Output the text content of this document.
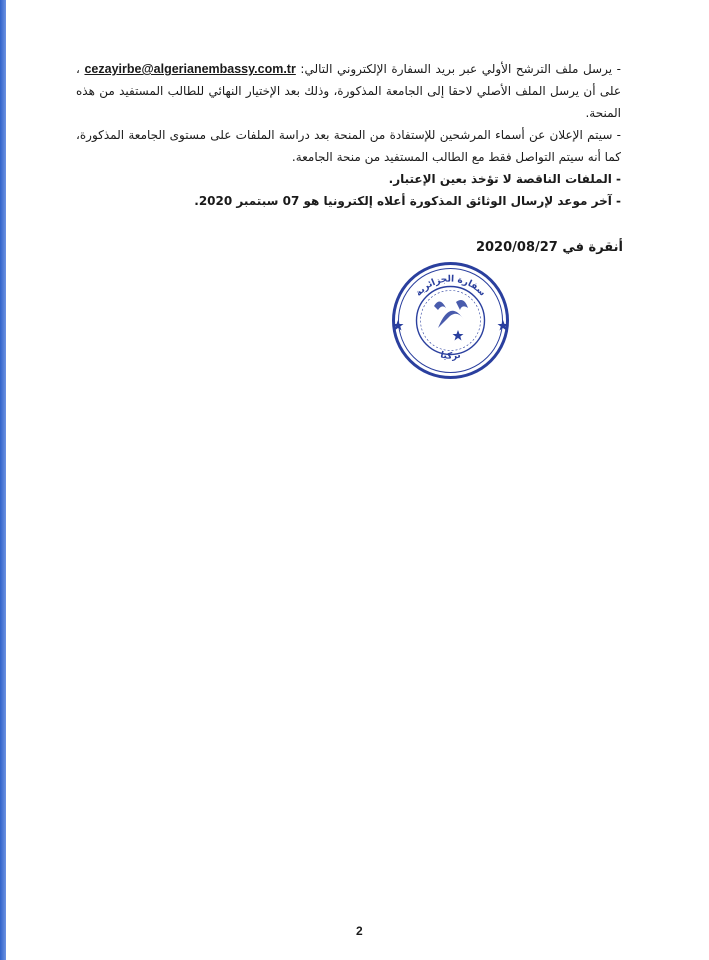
- يرسل ملف الترشح الأولي عبر بريد السفارة الإلكتروني التالي: cezayirbe@algerianembassy.com.tr ، على أن يرسل الملف الأصلي لاحقا إلى الجامعة المذكورة، وذلك بعد الإختيار النهائي للطالب المستفيد من هذه المنحة.

- سيتم الإعلان عن أسماء المرشحين للإستفادة من المنحة بعد دراسة الملفات على مستوى الجامعة المذكورة، كما أنه سيتم التواصل فقط مع الطالب المستفيد من منحة الجامعة.

- الملفات الناقصة لا تؤخذ بعين الإعتبار.

- آخر موعد لإرسال الوثائق المذكورة أعلاه إلكترونيا هو 07 سبتمبر 2020.

أنقرة في 2020/08/27
سفارة الجزائرية
تركيا
2
